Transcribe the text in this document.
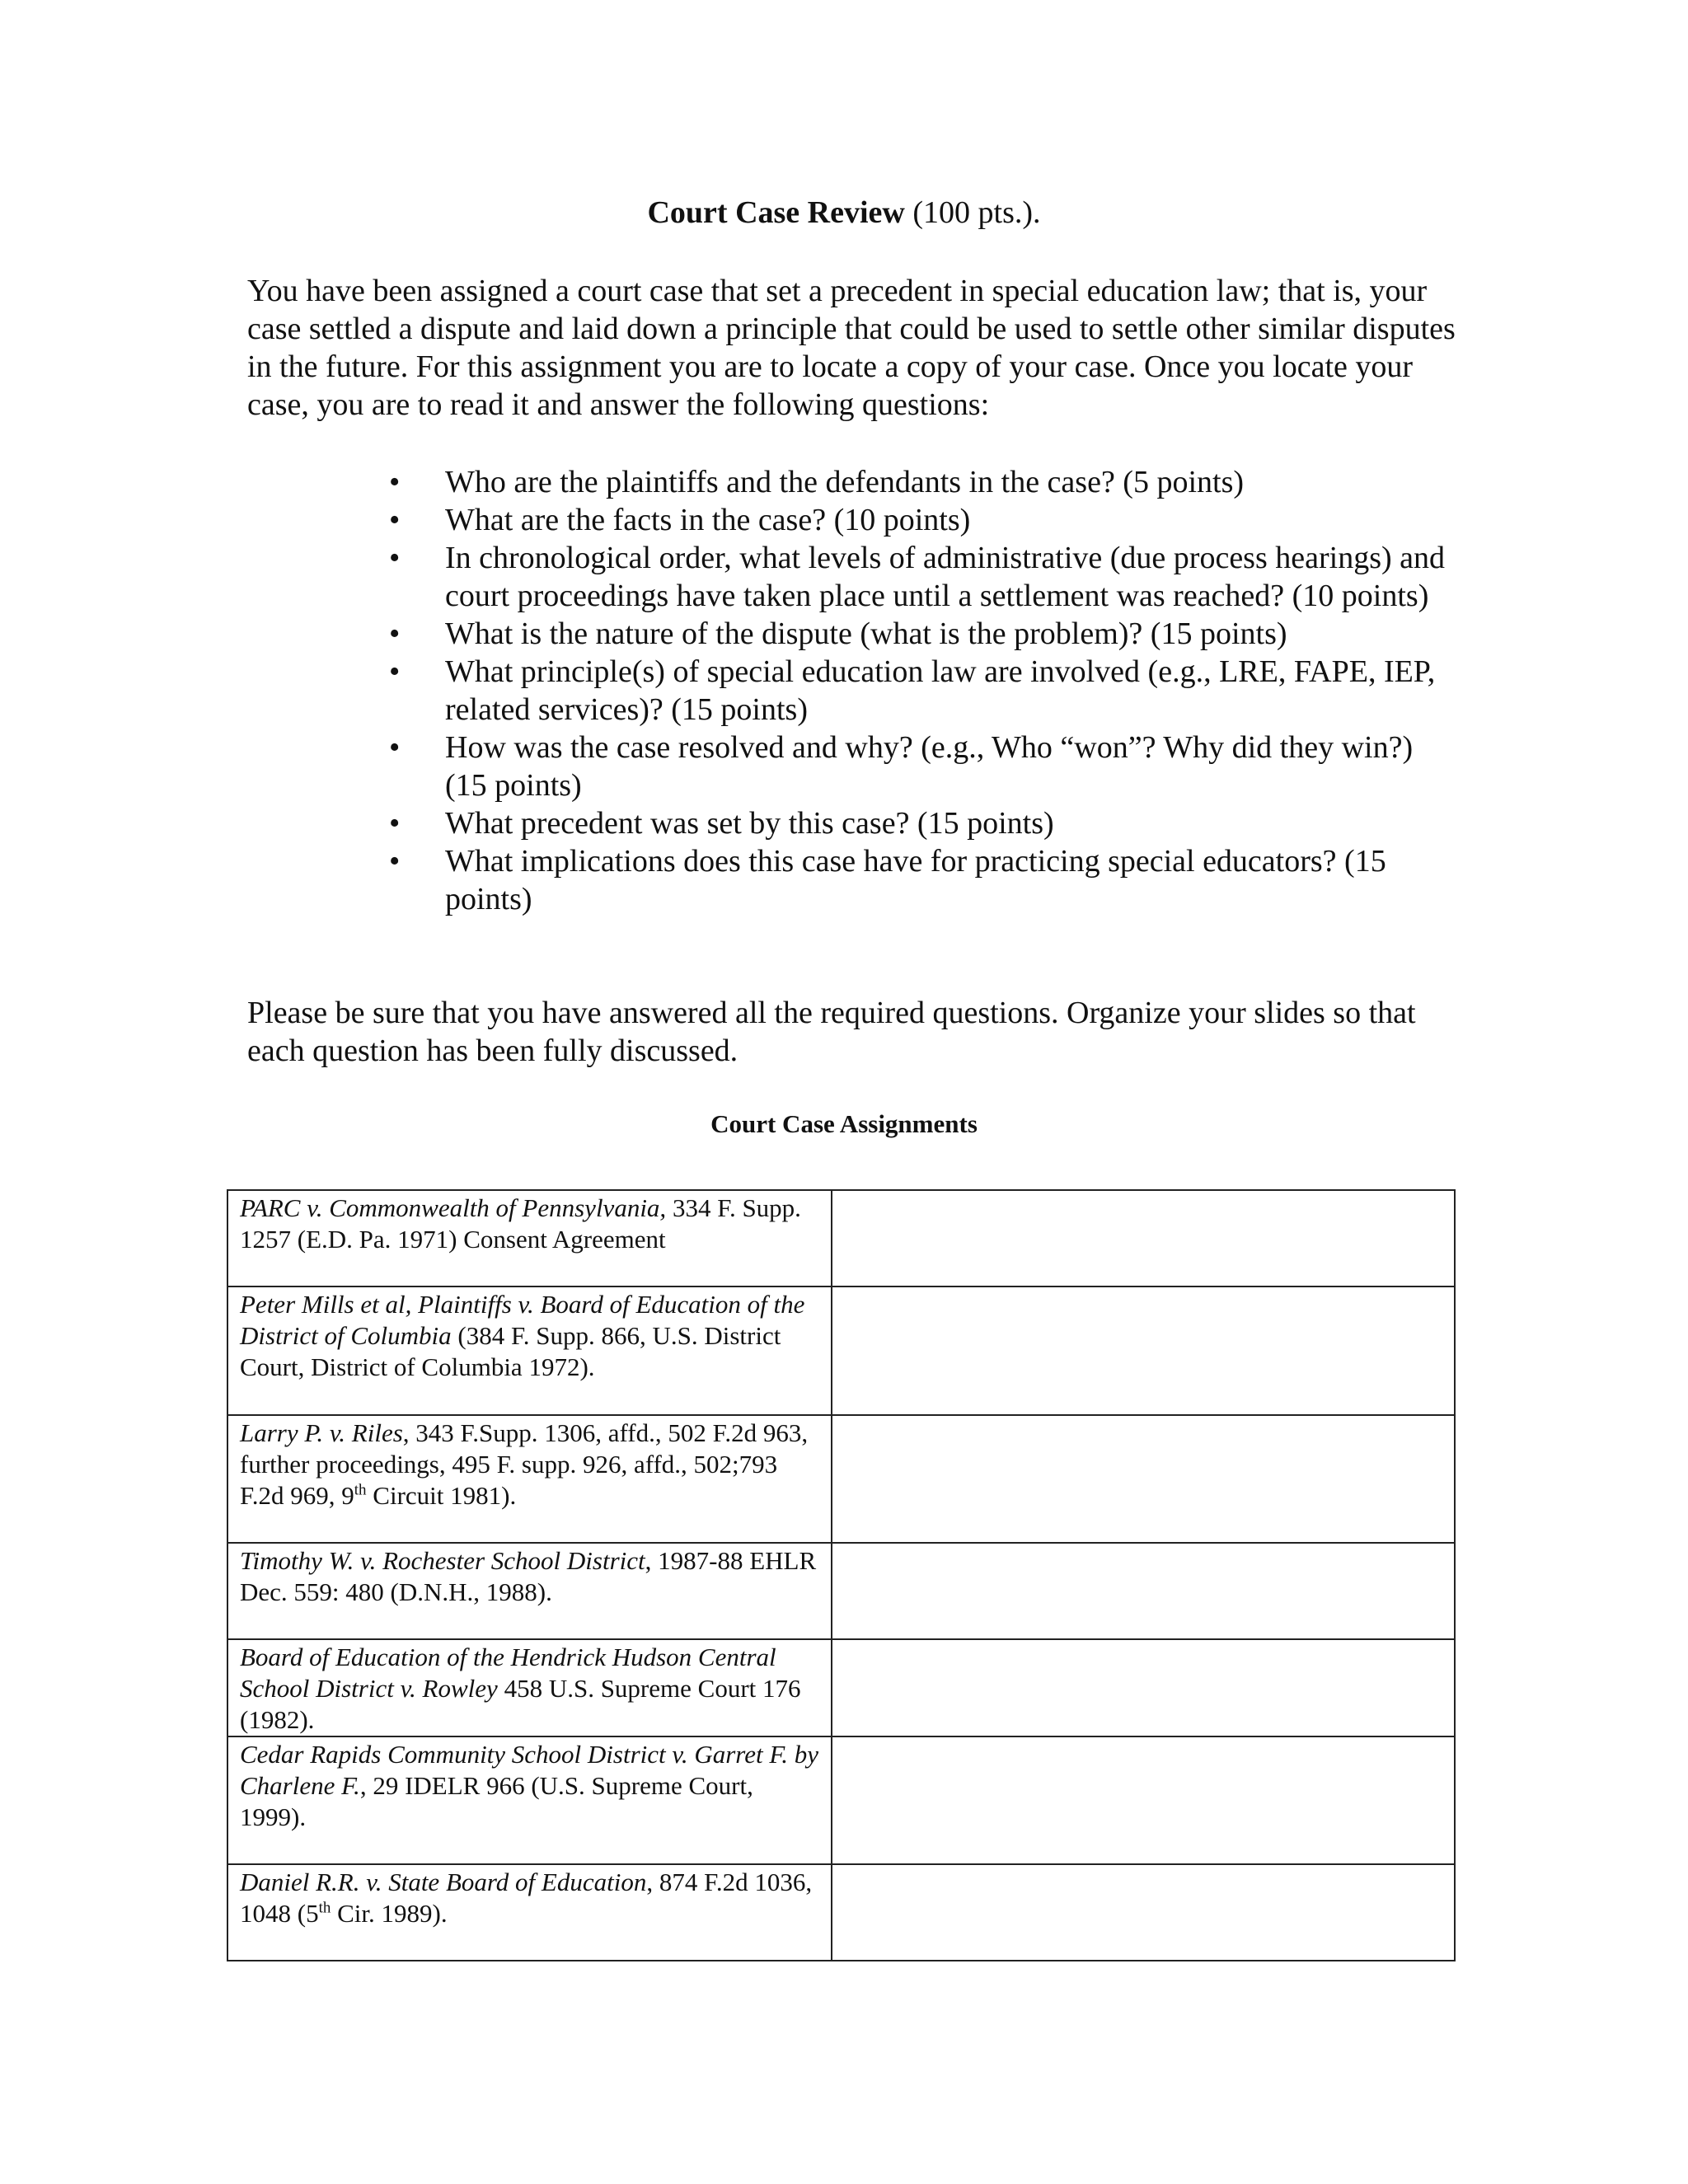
Court Case Review (100 pts.).

You have been assigned a court case that set a precedent in special education law; that is, your case settled a dispute and laid down a principle that could be used to settle other similar disputes in the future. For this assignment you are to locate a copy of your case. Once you locate your case, you are to read it and answer the following questions:

• Who are the plaintiffs and the defendants in the case? (5 points)
• What are the facts in the case? (10 points)
• In chronological order, what levels of administrative (due process hearings) and court proceedings have taken place until a settlement was reached? (10 points)
• What is the nature of the dispute (what is the problem)? (15 points)
• What principle(s) of special education law are involved (e.g., LRE, FAPE, IEP, related services)? (15 points)
• How was the case resolved and why? (e.g., Who “won”? Why did they win?) (15 points)
• What precedent was set by this case? (15 points)
• What implications does this case have for practicing special educators? (15 points)

Please be sure that you have answered all the required questions. Organize your slides so that each question has been fully discussed.

Court Case Assignments
PARC v. Commonwealth of Pennsylvania, 334 F. Supp. 1257 (E.D. Pa. 1971) Consent Agreement	
Peter Mills et al, Plaintiffs v. Board of Education of the District of Columbia (384 F. Supp. 866, U.S. District Court, District of Columbia 1972).	
Larry P. v. Riles, 343 F.Supp. 1306, affd., 502 F.2d 963, further proceedings, 495 F. supp. 926, affd., 502;793 F.2d 969, 9th Circuit 1981).	
Timothy W. v. Rochester School District, 1987-88 EHLR Dec. 559: 480 (D.N.H., 1988).	
Board of Education of the Hendrick Hudson Central School District v. Rowley 458 U.S. Supreme Court 176 (1982).	
Cedar Rapids Community School District v. Garret F. by Charlene F., 29 IDELR 966 (U.S. Supreme Court, 1999).	
Daniel R.R. v. State Board of Education, 874 F.2d 1036, 1048 (5th Cir. 1989).	
